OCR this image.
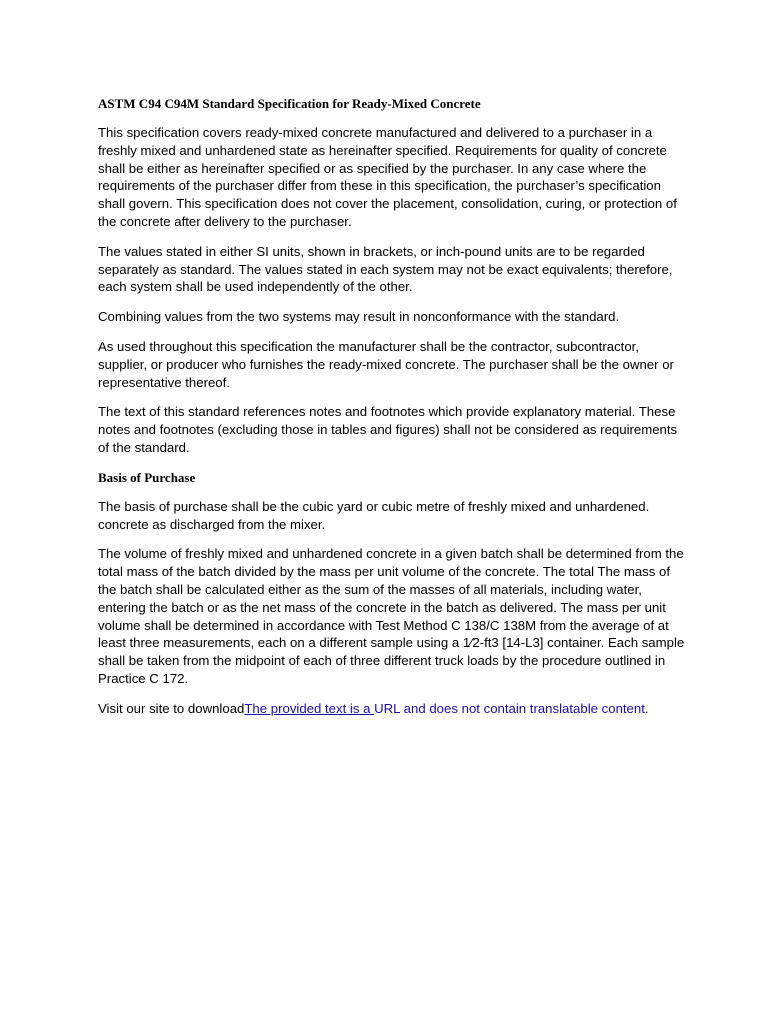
ASTM C94 C94M Standard Specification for Ready-Mixed Concrete

This specification covers ready-mixed concrete manufactured and delivered to a purchaser in a freshly mixed and unhardened state as hereinafter specified. Requirements for quality of concrete shall be either as hereinafter specified or as specified by the purchaser. In any case where the requirements of the purchaser differ from these in this specification, the purchaser’s specification shall govern. This specification does not cover the placement, consolidation, curing, or protection of the concrete after delivery to the purchaser.

The values stated in either SI units, shown in brackets, or inch-pound units are to be regarded separately as standard. The values stated in each system may not be exact equivalents; therefore, each system shall be used independently of the other.

Combining values from the two systems may result in nonconformance with the standard.

As used throughout this specification the manufacturer shall be the contractor, subcontractor, supplier, or producer who furnishes the ready-mixed concrete. The purchaser shall be the owner or representative thereof.

The text of this standard references notes and footnotes which provide explanatory material. These notes and footnotes (excluding those in tables and figures) shall not be considered as requirements of the standard.

Basis of Purchase

The basis of purchase shall be the cubic yard or cubic metre of freshly mixed and unhardened. concrete as discharged from the mixer.

The volume of freshly mixed and unhardened concrete in a given batch shall be determined from the total mass of the batch divided by the mass per unit volume of the concrete. The total The mass of the batch shall be calculated either as the sum of the masses of all materials, including water, entering the batch or as the net mass of the concrete in the batch as delivered. The mass per unit volume shall be determined in accordance with Test Method C 138/C 138M from the average of at least three measurements, each on a different sample using a 1⁄2-ft3 [14-L3] container. Each sample shall be taken from the midpoint of each of three different truck loads by the procedure outlined in Practice C 172.

Visit our site to downloadThe provided text is a URL and does not contain translatable content.
